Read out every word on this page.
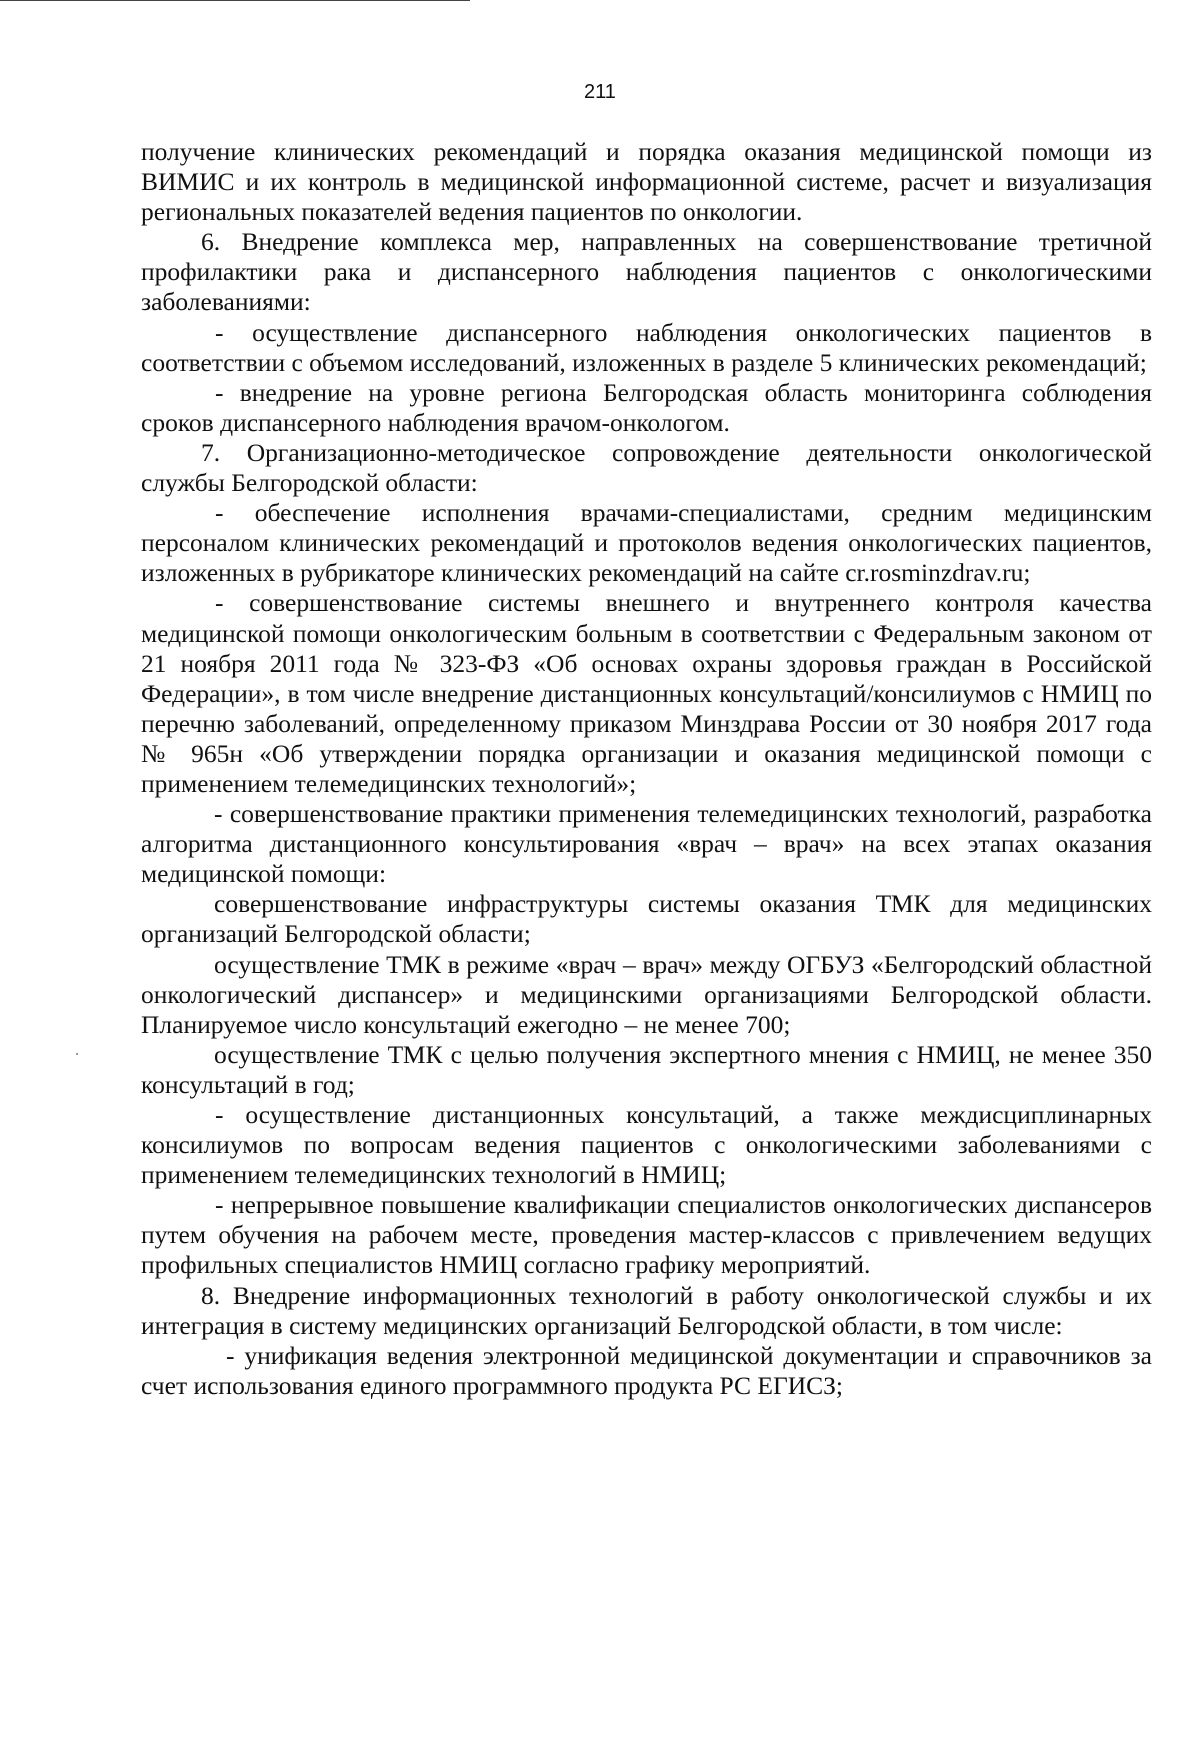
211

получение клинических рекомендаций и порядка оказания медицинской помощи из ВИМИС и их контроль в медицинской информационной системе, расчет и визуализация региональных показателей ведения пациентов по онкологии.

6. Внедрение комплекса мер, направленных на совершенствование третичной профилактики рака и диспансерного наблюдения пациентов с онкологическими заболеваниями:

- осуществление диспансерного наблюдения онкологических пациентов в соответствии с объемом исследований, изложенных в разделе 5 клинических рекомендаций;

- внедрение на уровне региона Белгородская область мониторинга соблюдения сроков диспансерного наблюдения врачом-онкологом.

7. Организационно-методическое сопровождение деятельности онкологической службы Белгородской области:

- обеспечение исполнения врачами-специалистами, средним медицинским персоналом клинических рекомендаций и протоколов ведения онкологических пациентов, изложенных в рубрикаторе клинических рекомендаций на сайте cr.rosminzdrav.ru;

- совершенствование системы внешнего и внутреннего контроля качества медицинской помощи онкологическим больным в соответствии с Федеральным законом от 21 ноября 2011 года № 323-ФЗ «Об основах охраны здоровья граждан в Российской Федерации», в том числе внедрение дистанционных консультаций/консилиумов с НМИЦ по перечню заболеваний, определенному приказом Минздрава России от 30 ноября 2017 года № 965н «Об утверждении порядка организации и оказания медицинской помощи с применением телемедицинских технологий»;

- совершенствование практики применения телемедицинских технологий, разработка алгоритма дистанционного консультирования «врач – врач» на всех этапах оказания медицинской помощи:

совершенствование инфраструктуры системы оказания ТМК для медицинских организаций Белгородской области;

осуществление ТМК в режиме «врач – врач» между ОГБУЗ «Белгородский областной онкологический диспансер» и медицинскими организациями Белгородской области. Планируемое число консультаций ежегодно – не менее 700;

осуществление ТМК с целью получения экспертного мнения с НМИЦ, не менее 350 консультаций в год;

- осуществление дистанционных консультаций, а также междисциплинарных консилиумов по вопросам ведения пациентов с онкологическими заболеваниями с применением телемедицинских технологий в НМИЦ;

- непрерывное повышение квалификации специалистов онкологических диспансеров путем обучения на рабочем месте, проведения мастер-классов с привлечением ведущих профильных специалистов НМИЦ согласно графику мероприятий.

8. Внедрение информационных технологий в работу онкологической службы и их интеграция в систему медицинских организаций Белгородской области, в том числе:

- унификация ведения электронной медицинской документации и справочников за счет использования единого программного продукта РС ЕГИСЗ;
